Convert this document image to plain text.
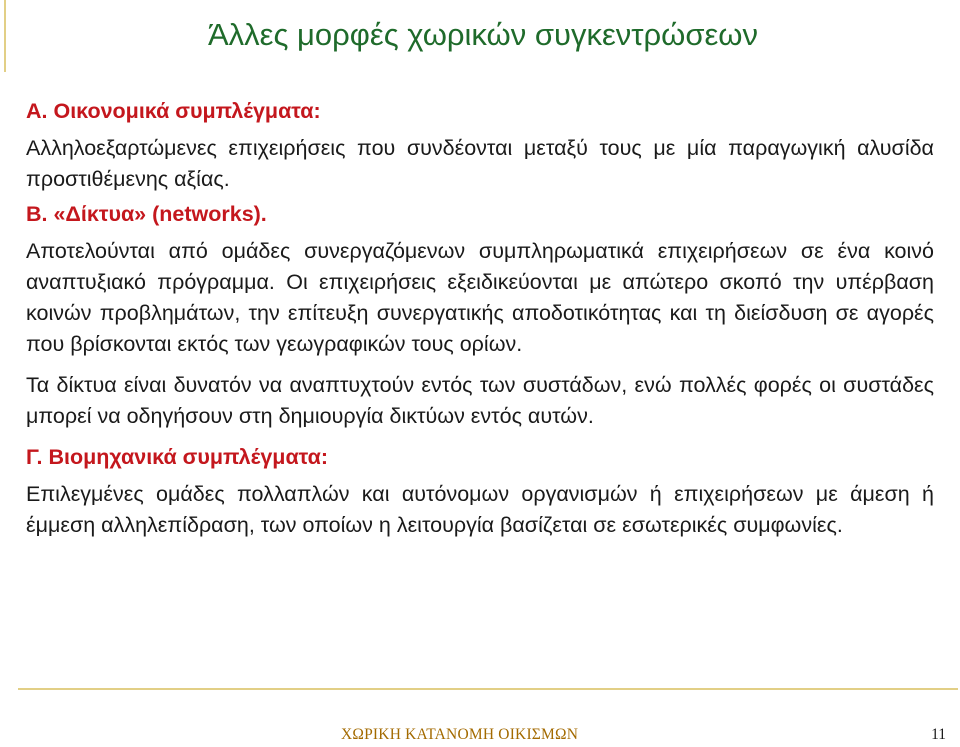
Άλλες μορφές χωρικών συγκεντρώσεων
Α. Οικονομικά συμπλέγματα:

Αλληλοεξαρτώμενες επιχειρήσεις που συνδέονται μεταξύ τους με μία παραγωγική αλυσίδα προστιθέμενης αξίας.

Β. «Δίκτυα» (networks).

Αποτελούνται από ομάδες συνεργαζόμενων συμπληρωματικά επιχειρήσεων σε ένα κοινό αναπτυξιακό πρόγραμμα. Οι επιχειρήσεις εξειδικεύονται με απώτερο σκοπό την υπέρβαση κοινών προβλημάτων, την επίτευξη συνεργατικής αποδοτικότητας και τη διείσδυση σε αγορές που βρίσκονται εκτός των γεωγραφικών τους ορίων.

Τα δίκτυα είναι δυνατόν να αναπτυχτούν εντός των συστάδων, ενώ πολλές φορές οι συστάδες μπορεί να οδηγήσουν στη δημιουργία δικτύων εντός αυτών.

Γ. Βιομηχανικά συμπλέγματα:

Επιλεγμένες ομάδες πολλαπλών και αυτόνομων οργανισμών ή επιχειρήσεων με άμεση ή έμμεση αλληλεπίδραση, των οποίων η λειτουργία βασίζεται σε εσωτερικές συμφωνίες.

ΧΩΡΙΚΗ ΚΑΤΑΝΟΜΗ ΟΙΚΙΣΜΩΝ	11
